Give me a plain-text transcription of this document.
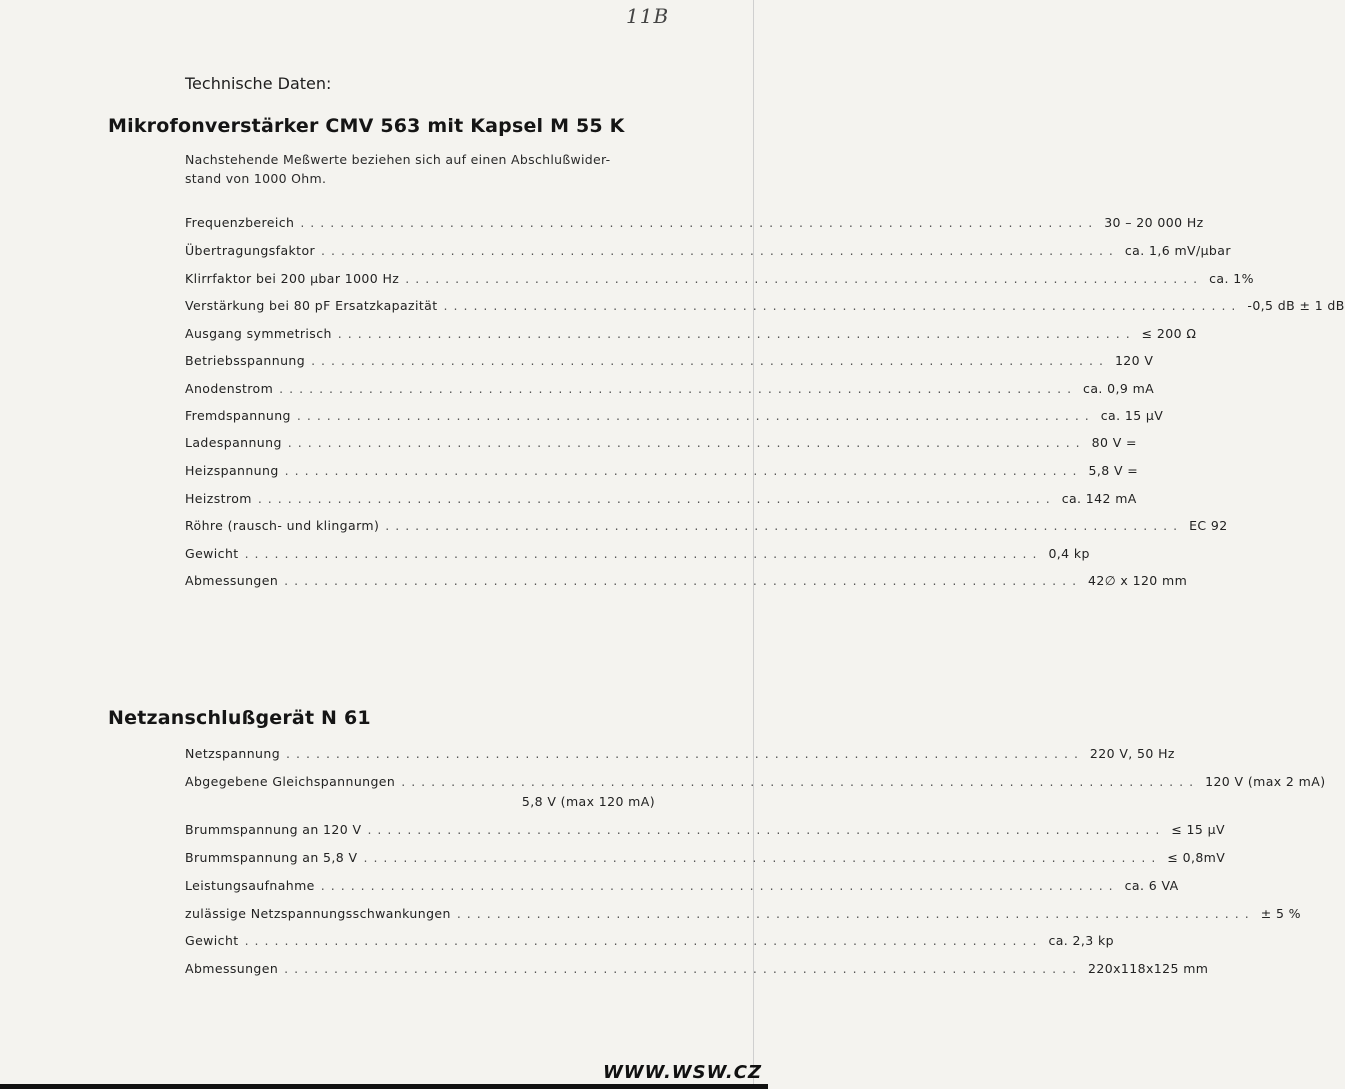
11B
Technische Daten:
Mikrofonverstärker CMV 563 mit Kapsel M 55 K
Nachstehende Meßwerte beziehen sich auf einen Abschlußwider-
stand von 1000 Ohm.
Frequenzbereich ................................................................................ 30 – 20 000 Hz
Übertragungsfaktor ................................................................................ ca. 1,6 mV/µbar
Klirrfaktor bei 200 µbar 1000 Hz ................................................................................ ca. 1%
Verstärkung bei 80 pF Ersatzkapazität ................................................................................ -0,5 dB ± 1 dB
Ausgang symmetrisch ................................................................................ ≤ 200 Ω
Betriebsspannung ................................................................................ 120 V
Anodenstrom ................................................................................ ca. 0,9 mA
Fremdspannung ................................................................................ ca. 15 µV
Ladespannung ................................................................................ 80 V =
Heizspannung ................................................................................ 5,8 V =
Heizstrom ................................................................................ ca. 142 mA
Röhre (rausch- und klingarm) ................................................................................ EC 92
Gewicht ................................................................................ 0,4 kp
Abmessungen ................................................................................ 42∅ x 120 mm
Netzanschlußgerät N 61
Netzspannung ................................................................................ 220 V, 50 Hz
Abgegebene Gleichspannungen ................................................................................ 120 V (max 2 mA)
Brummspannung an 120 V ................................................................................ ≤ 15 µV
Brummspannung an 5,8 V ................................................................................ ≤ 0,8mV
Leistungsaufnahme ................................................................................ ca. 6 VA
zulässige Netzspannungsschwankungen ................................................................................ ± 5 %
Gewicht ................................................................................ ca. 2,3 kp
Abmessungen ................................................................................ 220x118x125 mm
5,8 V (max 120 mA)
WWW.WSW.CZ
